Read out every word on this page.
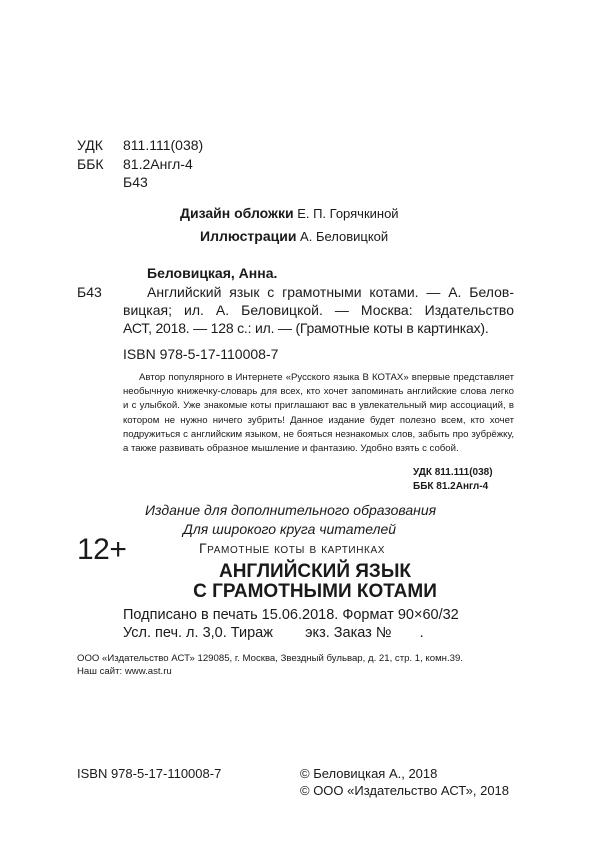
УДК 811.111(038)
ББК 81.2Англ-4
Б43
Дизайн обложки Е. П. Горячкиной
Иллюстрации А. Беловицкой
Беловицкая, Анна.
Б43	Английский язык с грамотными котами. — А. Белов-
вицкая; ил. А. Беловицкой. — Москва: Издательство
АСТ, 2018. — 128 с.: ил. — (Грамотные коты в картинках).
ISBN 978-5-17-110008-7

Автор популярного в Интернете «Русского языка В КОТАХ» впервые представляет необычную книжечку-словарь для всех, кто хочет запоминать английские слова легко и с улыбкой. Уже знакомые коты приглашают вас в увлекательный мир ассоциаций, в котором не нужно ничего зубрить! Данное издание будет полезно всем, кто хочет подружиться с английским языком, не бояться незнакомых слов, забыть про зубрёжку, а также развивать образное мышление и фантазию. Удобно взять с собой.

УДК 811.111(038)
ББК 81.2Англ-4
Издание для дополнительного образования
Для широкого круга читателей
12+	Грамотные коты в картинках
АНГЛИЙСКИЙ ЯЗЫК
С ГРАМОТНЫМИ КОТАМИ
Подписано в печать 15.06.2018. Формат 90×60/32
Усл. печ. л. 3,0. Тираж        экз. Заказ №       .
ООО «Издательство АСТ» 129085, г. Москва, Звездный бульвар, д. 21, стр. 1, комн.39.
Наш сайт: www.ast.ru
ISBN 978-5-17-110008-7	© Беловицкая А., 2018
© ООО «Издательство АСТ», 2018
